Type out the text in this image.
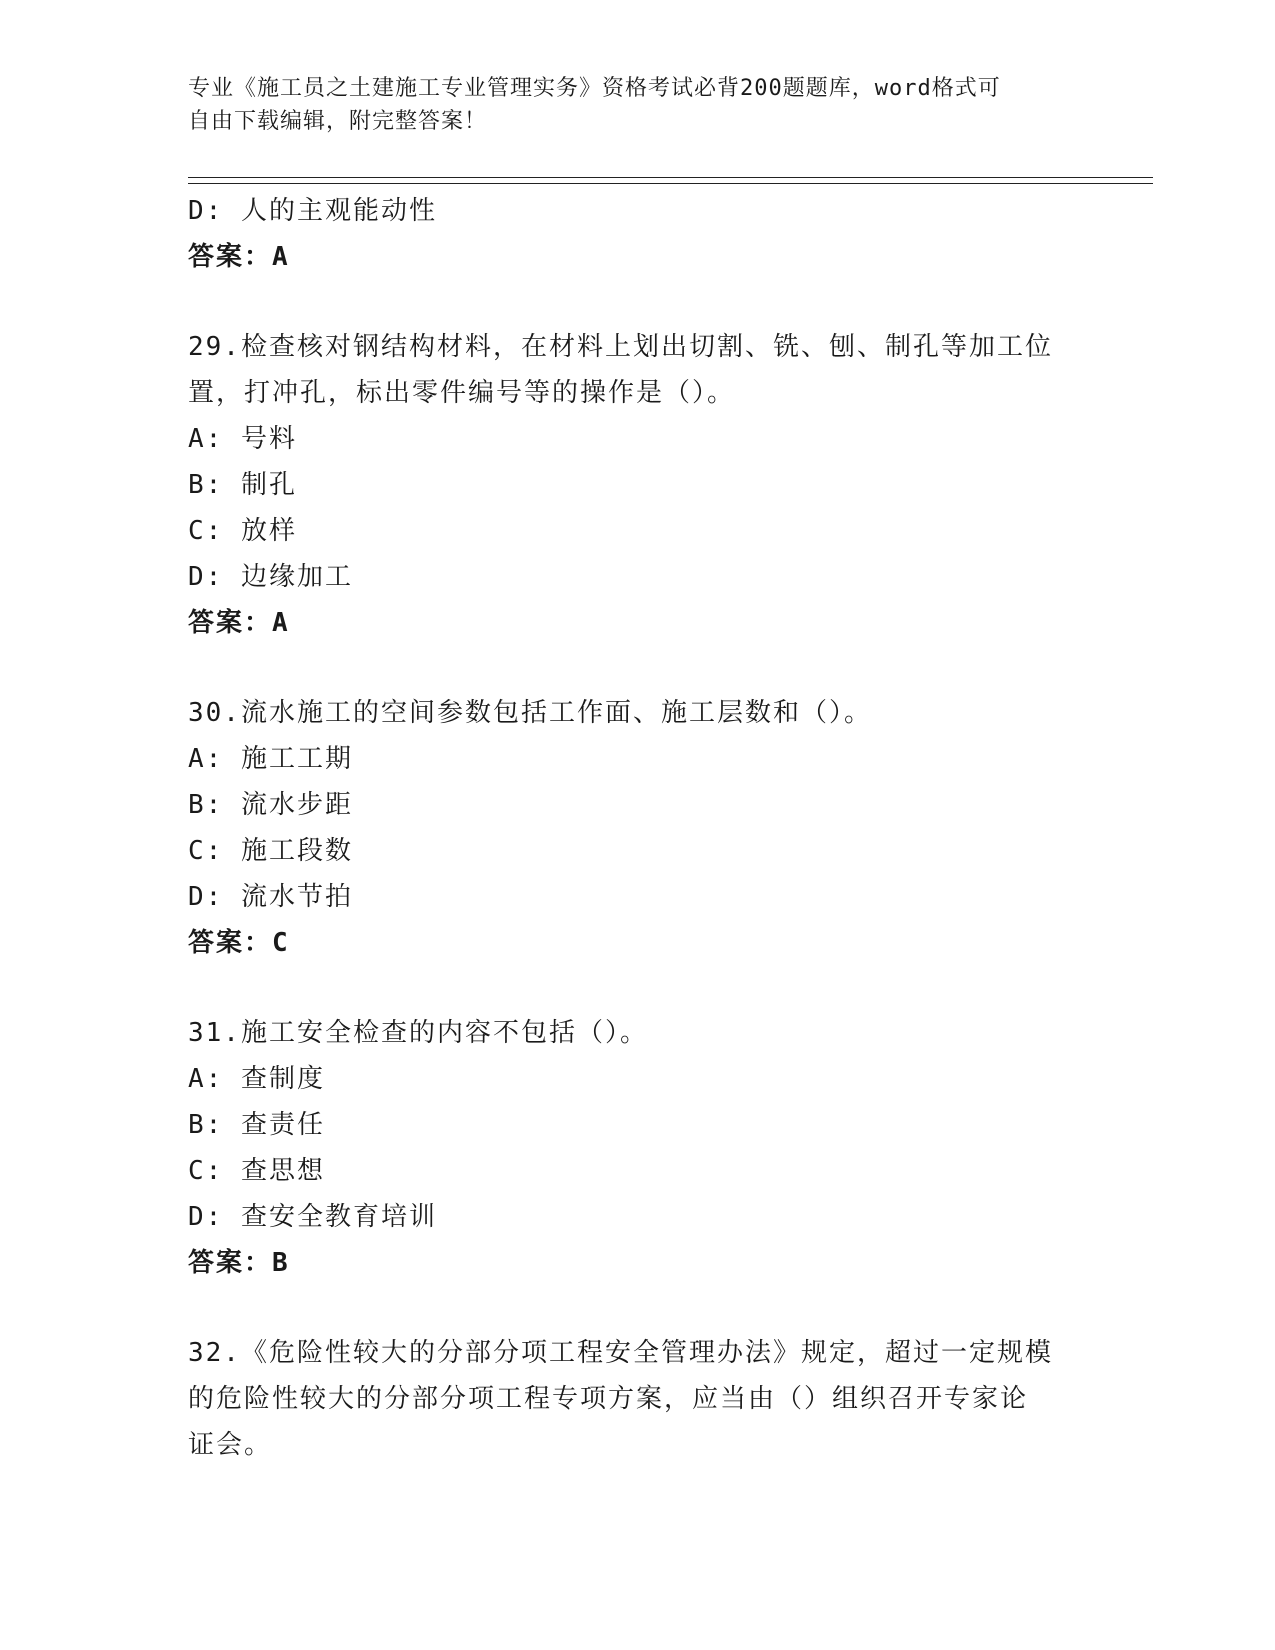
专业《施工员之土建施工专业管理实务》资格考试必背200题题库，word格式可
自由下载编辑，附完整答案！
D: 人的主观能动性
答案：A
29.检查核对钢结构材料，在材料上划出切割、铣、刨、制孔等加工位
置，打冲孔，标出零件编号等的操作是（）。
A: 号料
B: 制孔
C: 放样
D: 边缘加工
答案：A
30.流水施工的空间参数包括工作面、施工层数和（）。
A: 施工工期
B: 流水步距
C: 施工段数
D: 流水节拍
答案：C
31.施工安全检查的内容不包括（）。
A: 查制度
B: 查责任
C: 查思想
D: 查安全教育培训
答案：B
32.《危险性较大的分部分项工程安全管理办法》规定，超过一定规模
的危险性较大的分部分项工程专项方案，应当由（）组织召开专家论
证会。
